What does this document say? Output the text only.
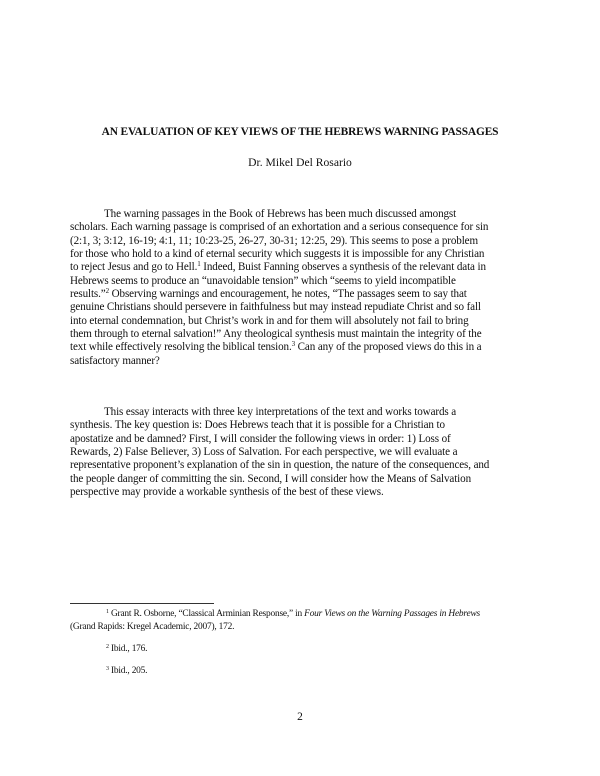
AN EVALUATION OF KEY VIEWS OF THE HEBREWS WARNING PASSAGES
Dr. Mikel Del Rosario
The warning passages in the Book of Hebrews has been much discussed amongst
scholars. Each warning passage is comprised of an exhortation and a serious consequence for sin
(2:1, 3; 3:12, 16-19; 4:1, 11; 10:23-25, 26-27, 30-31; 12:25, 29). This seems to pose a problem
for those who hold to a kind of eternal security which suggests it is impossible for any Christian
to reject Jesus and go to Hell.$^1$ Indeed, Buist Fanning observes a synthesis of the relevant data in
Hebrews seems to produce an “unavoidable tension” which “seems to yield incompatible
results.”$^2$ Observing warnings and encouragement, he notes, “The passages seem to say that
genuine Christians should persevere in faithfulness but may instead repudiate Christ and so fall
into eternal condemnation, but Christ’s work in and for them will absolutely not fail to bring
them through to eternal salvation!” Any theological synthesis must maintain the integrity of the
text while effectively resolving the biblical tension.$^3$ Can any of the proposed views do this in a
satisfactory manner?
This essay interacts with three key interpretations of the text and works towards a
synthesis. The key question is: Does Hebrews teach that it is possible for a Christian to
apostatize and be damned? First, I will consider the following views in order: 1) Loss of
Rewards, 2) False Believer, 3) Loss of Salvation. For each perspective, we will evaluate a
representative proponent’s explanation of the sin in question, the nature of the consequences, and
the people danger of committing the sin. Second, I will consider how the Means of Salvation
perspective may provide a workable synthesis of the best of these views.
$^1$ Grant R. Osborne, “Classical Arminian Response,” in Four Views on the Warning Passages in Hebrews
(Grand Rapids: Kregel Academic, 2007), 172.
$^2$ Ibid., 176.
$^3$ Ibid., 205.
2
